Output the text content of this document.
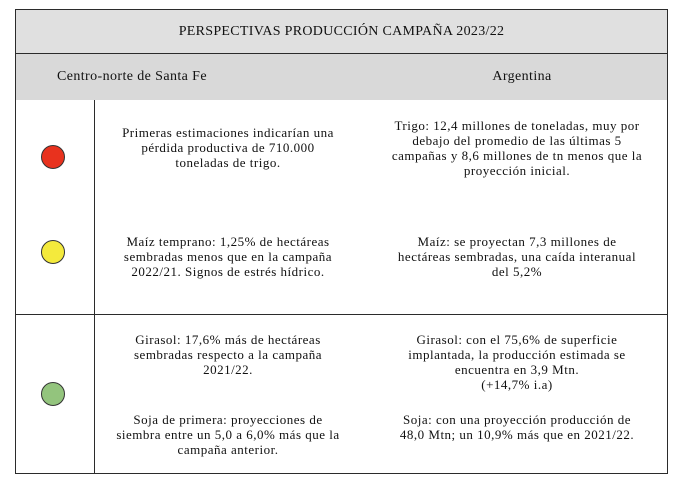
PERSPECTIVAS PRODUCCIÓN CAMPAÑA 2023/22
Centro-norte de Santa Fe	Argentina
Primeras estimaciones indicarían una
pérdida productiva de 710.000
toneladas de trigo.
Trigo: 12,4 millones de toneladas, muy por
debajo del promedio de las últimas 5
campañas y 8,6 millones de tn menos que la
proyección inicial.
Maíz temprano: 1,25% de hectáreas
sembradas menos que en la campaña
2022/21. Signos de estrés hídrico.
Maíz: se proyectan 7,3 millones de
hectáreas sembradas, una caída interanual
del 5,2%
Girasol: 17,6% más de hectáreas
sembradas respecto a la campaña
2021/22.
Girasol: con el 75,6% de superficie
implantada, la producción estimada se
encuentra en 3,9 Mtn.
(+14,7% i.a)
Soja de primera: proyecciones de
siembra entre un 5,0 a 6,0% más que la
campaña anterior.
Soja: con una proyección producción de
48,0 Mtn; un 10,9% más que en 2021/22.
